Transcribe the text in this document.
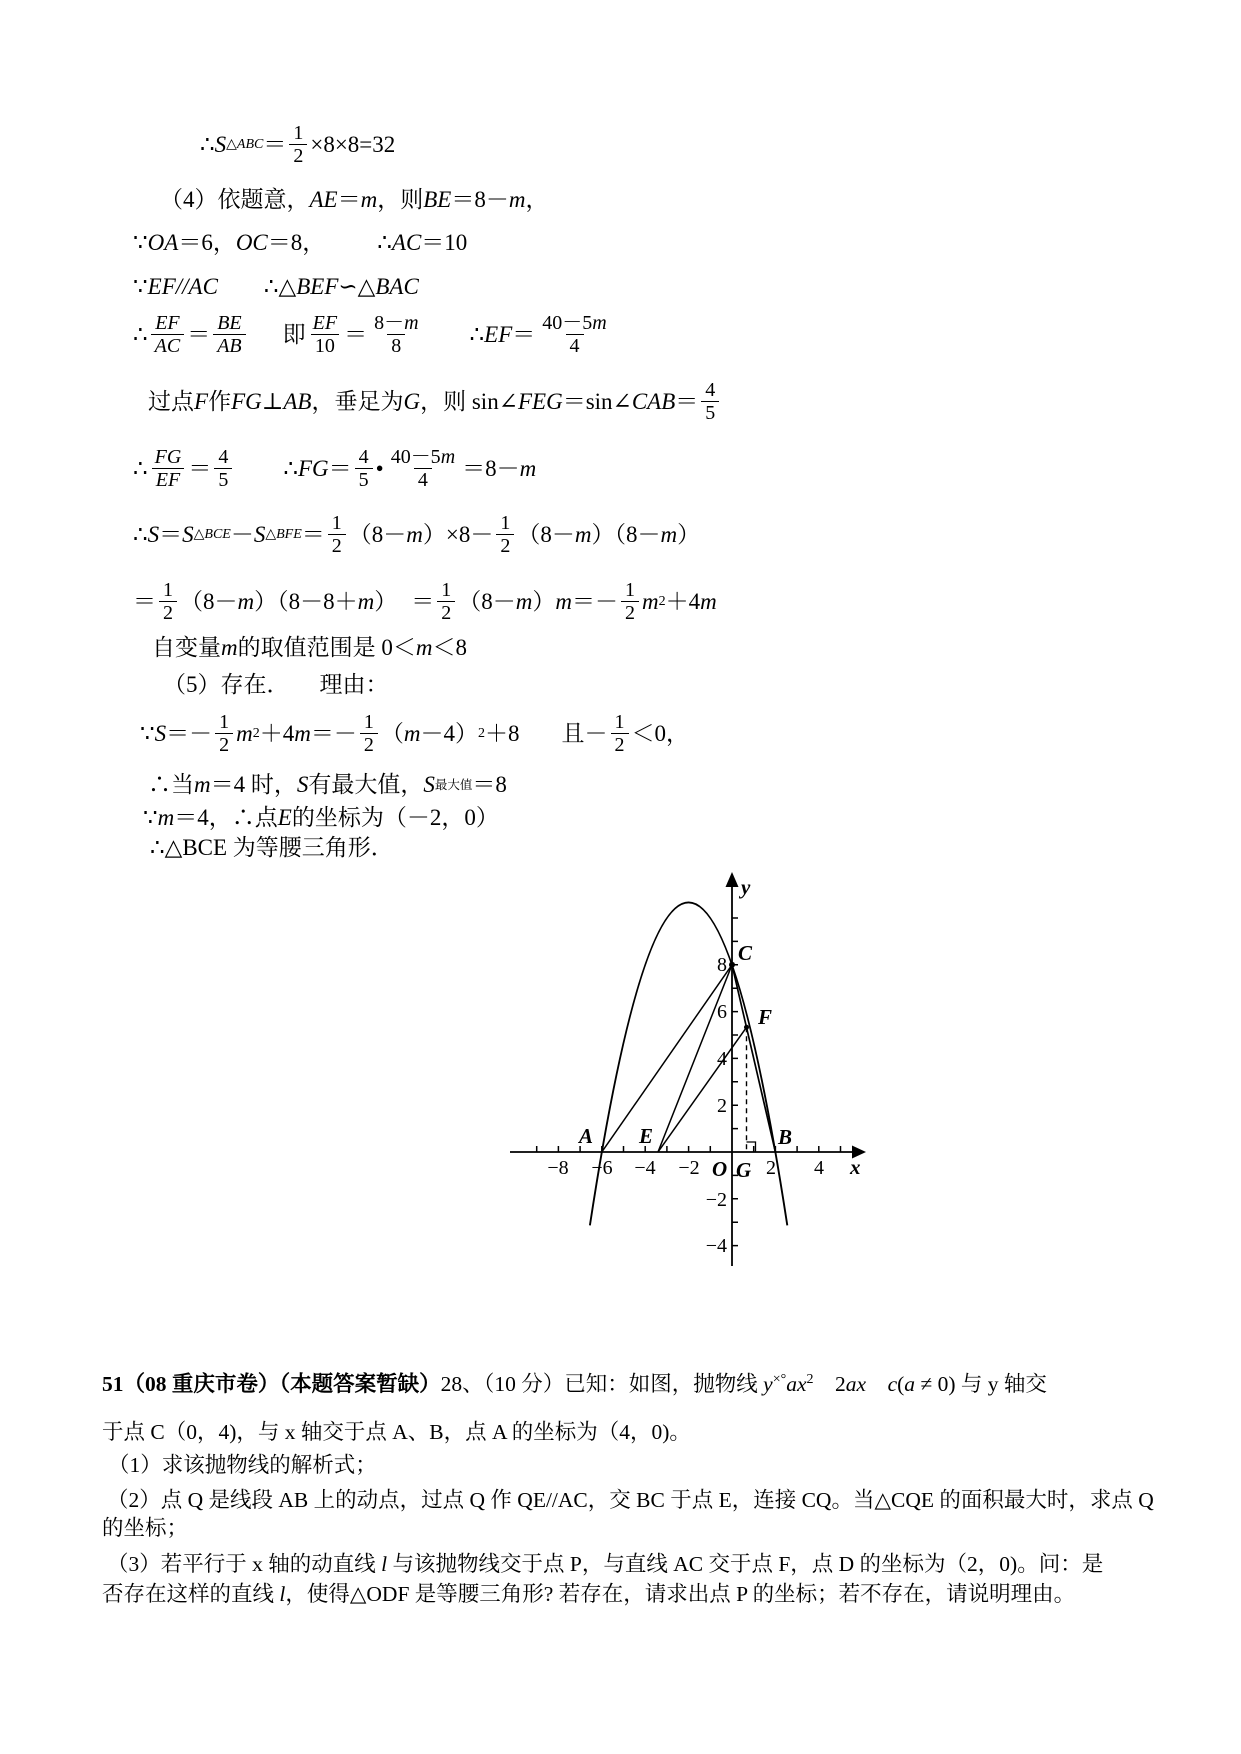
∴ S △ABC ＝ $\frac{1}{2} \times 8\times 8=32$
（4）依题意， AE ＝ m ，则 BE ＝8－ m ，
∵ OA ＝6， OC ＝8， ∴ AC ＝10
∵ EF // AC ∴△ BEF ∽△ BAC
∴ $\frac{EF}{AC} = \frac{BE}{AB}$ 即 $\frac{EF}{10} = \frac{8-m}{8}$ ∴ EF ＝ $\frac{40-5m}{4}$
过点 F 作 FG ⊥ AB ，垂足为 G ，则 sin∠ FEG ＝sin∠ CAB ＝ $\frac{4}{5}$
∴ $\frac{FG}{EF} = \frac{4}{5}$ ∴ FG ＝ $\frac{4}{5}$ • $\frac{40-5m}{4} =8- m$
∴ S ＝ S △BCE － S △BFE ＝ $\frac{1}{2} (8- m$ ）$\times 8- \frac{1}{2} (8- m$ ）（8－ m ）
＝ $\frac{1}{2} (8- m$ ）（8－8＋ m ） ＝ $\frac{1}{2} (8- m$ ） $m =- \frac{1}{2}$ m 2 ＋4 m
自变量 m 的取值范围是 0＜ m ＜8
（5）存在． 理由：
∵ $S =- \frac{1}{2}$ m 2 ＋4 $m =- \frac{1}{2}$ （ m －4） 2 ＋8 且－ $\frac{1}{2} <0$，
∴当 m ＝4 时， S 有最大值， S 最大值 ＝8
∵ m ＝4，∴点 E 的坐标为（－2，0）
∴△BCE 为等腰三角形．
y
x
O
−8 −6 −4 −2	2 4
8
6
4
2
−2
−4
A E	B
C
F
G
51（08 重庆市卷）（本题答案暂缺）28、（10 分）已知：如图，抛物线 $y^{\times^\circ}ax^2$　2ax　 c(a ≠ 0) 与 y 轴交
于点 C（0，4)，与 x 轴交于点 A、B，点 A 的坐标为（4，0)。
（1）求该抛物线的解析式；
（2）点 Q 是线段 AB 上的动点，过点 Q 作 QE//AC，交 BC 于点 E，连接 CQ。当△CQE 的面积最大时，求点 Q
的坐标；
（3）若平行于 x 轴的动直线 l 与该抛物线交于点 P，与直线 AC 交于点 F，点 D 的坐标为（2，0)。问：是
否存在这样的直线 l，使得△ODF 是等腰三角形? 若存在，请求出点 P 的坐标；若不存在，请说明理由。
